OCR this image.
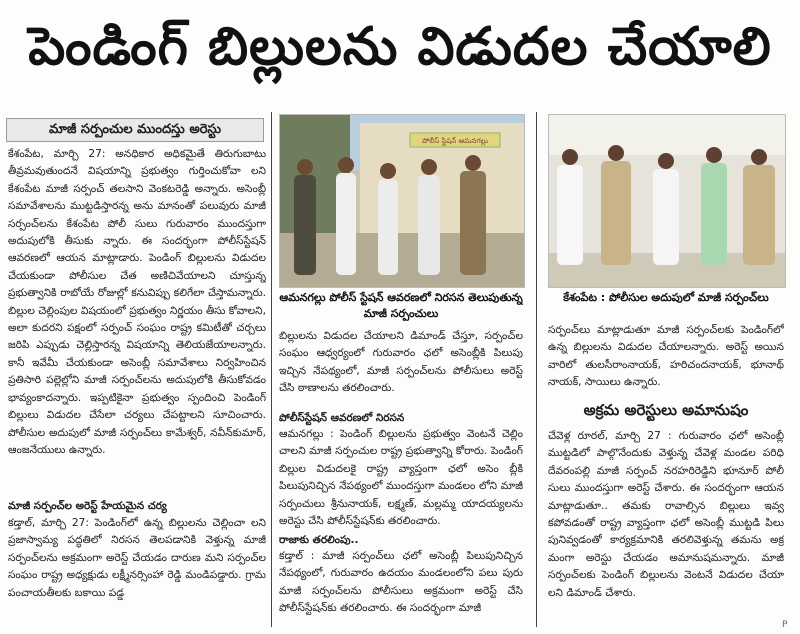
పెండింగ్ బిల్లులను విడుదల చేయాలి
మాజీ సర్పంచుల ముందస్తు అరెస్టు

కేశంపేట, మార్చి 27: అనధికార అధికమైతే తిరుగుబాటు తీవ్రమవుతుందనే విషయాన్ని ప్రభుత్వం గుర్తించుకోవా లని కేశంపేట మాజీ సర్పంచ్ తలసాని వెంకటరెడ్డి అన్నారు. అసెంబ్లీ సమావేశాలను ముట్టడిస్తారన్న అను మానంతో పలువురు మాజీ సర్పంచ్‌లను కేశంపేట పోలీ సులు గురువారం ముందస్తుగా అదుపులోకి తీసుకు న్నారు. ఈ సందర్భంగా పోలీస్‌స్టేషన్ ఆవరణలో ఆయన మాట్లాడారు. పెండింగ్ బిల్లులను విడుదల చేయకుండా పోలీసుల చేత అణిచివేయాలని చూస్తున్న ప్రభుత్వానికి రాబోయే రోజుల్లో కనువిప్పు కలిగేలా చేస్తామన్నారు. బిల్లుల చెల్లింపుల విషయంలో ప్రభుత్వం నిర్ణయం తీసు కోవాలని, అలా కుదరని పక్షంలో సర్పంచ్ సంఘం రాష్ట్ర కమిటీతో చర్చలు జరిపి ఎప్పుడు చెల్లిస్తారన్న విషయాన్ని తెలియజేయాలన్నారు. కానీ ఇవేమీ చేయకుండా అసెంబ్లీ సమావేశాలు నిర్వహించిన ప్రతిసారి పల్లెల్లోని మాజీ సర్పంచ్‌లను అదుపులోకి తీసుకోవడం భావ్యంకాదన్నారు. ఇప్పటికైనా ప్రభుత్వం స్పందించి పెండింగ్ బిల్లులు విడుదల చేసేలా చర్యలు చేపట్టాలని సూచించారు. పోలీసుల అదుపులో మాజీ సర్పంచ్‌లు కామేశ్వర్, నవీన్‌కుమార్, ఆంజనేయులు ఉన్నారు.

మాజీ సర్పంచ్‌ల అరెస్ట్ హేయమైన చర్య

కడ్తాల్, మార్చి 27: పెండింగ్‌లో ఉన్న బిల్లులను చెల్లించా లని ప్రజాస్వామ్య పద్ధతిలో నిరసన తెలపడానికి వెళ్తున్న మాజీ సర్పంచ్‌లను అక్రమంగా అరెస్ట్ చేయడం దారుణ మని సర్పంచ్‌ల సంఘం రాష్ట్ర అధ్యక్షుడు లక్ష్మీనర్సింహా రెడ్డి మండిపడ్డారు. గ్రామ పంచాయతీలకు బకాయి పడ్డ

పోలీస్ స్టేషన్ ఆమనగల్లు
ఆమనగల్లు పోలీస్ స్టేషన్ ఆవరణలో నిరసన తెలుపుతున్న మాజీ సర్పంచులు
కేశంపేట : పోలీసుల అదుపులో మాజీ సర్పంచ్‌లు

బిల్లులను విడుదల చేయాలని డిమాండ్ చేస్తూ, సర్పంచ్‌ల సంఘం ఆధ్వర్యంలో గురువారం ఛలో అసెంబ్లీకి పిలుపు ఇచ్చిన నేపథ్యంలో, మాజీ సర్పంచ్‌లను పోలీసులు అరెస్ట్ చేసి ఠాణాలను తరలించారు.

పోలీస్‌స్టేషన్ ఆవరణలో నిరసన

ఆమనగల్లు : పెండింగ్ బిల్లులను ప్రభుత్వం వెంటనే చెల్లిం చాలని మాజీ సర్పంచుల రాష్ట్ర ప్రభుత్వాన్ని కోరారు. పెండింగ్ బిల్లుల విడుదలకై రాష్ట్ర వ్యాప్తంగా ఛలో అసెం బ్లీకి పిలుపునిచ్చిన నేపథ్యంలో ముందస్తుగా మండలం లోని మాజీ సర్పంచులు శ్రీనునాయక్, లక్ష్మణ్, మల్లమ్మ యాదయ్యలను అరెస్టు చేసి పోలీస్‌స్టేషన్‌కు తరలించారు.

రాజాకు తరలింపు..

కడ్తాల్ : మాజీ సర్పంచ్‌లు ఛలో అసెంబ్లీ పిలుపునిచ్చిన నేపథ్యంలో, గురువారం ఉదయం మండలంలోని పలు పురు మాజీ సర్పంచ్‌లను పోలీసులు అక్రమంగా అరెస్ట్ చేసి పోలీస్‌స్టేషన్‌కు తరలించారు. ఈ సందర్భంగా మాజీ

సర్పంచ్‌లు మాట్లాడుతూ మాజీ సర్పంచ్‌లకు పెండింగ్‌లో ఉన్న బిల్లులను విడుదల చేయాలన్నారు. అరెస్ట్ అయిన వారిలో తులసీరాంనాయక్, హరిచందనాయక్, భూనాథ్ నాయక్, సాయిలు ఉన్నారు.

అక్రమ అరెస్టులు అమానుషం

చేవెళ్ల రూరల్, మార్చి 27 : గురువారం ఛలో అసెంబ్లీ ముట్టడిలో పాల్గొనేందుకు వెళ్తున్న చేవెళ్ల మండల పరిధి దేవరంపల్లి మాజీ సర్పంచ్ నరహరిరెడ్డిని భూనూర్ పోలీ సులు ముందస్తుగా అరెస్ట్ చేశారు. ఈ సందర్భంగా ఆయన మాట్లాడుతూ.. తమకు రావాల్సిన బిల్లులు ఇవ్వ కపోవడంతో రాష్ట్ర వ్యాప్తంగా ఛలో అసెంబ్లీ ముట్టడి పిలు పునివ్వడంతో కార్యక్రమానికి తరలివెళ్తున్న తమను అక్ర మంగా అరెస్టు చేయడం అమానుషమన్నారు. మాజీ సర్పంచ్‌లకు పెండింగ్ బిల్లులను వెంటనే విడుదల చేయా లని డిమాండ్ చేశారు.

P
